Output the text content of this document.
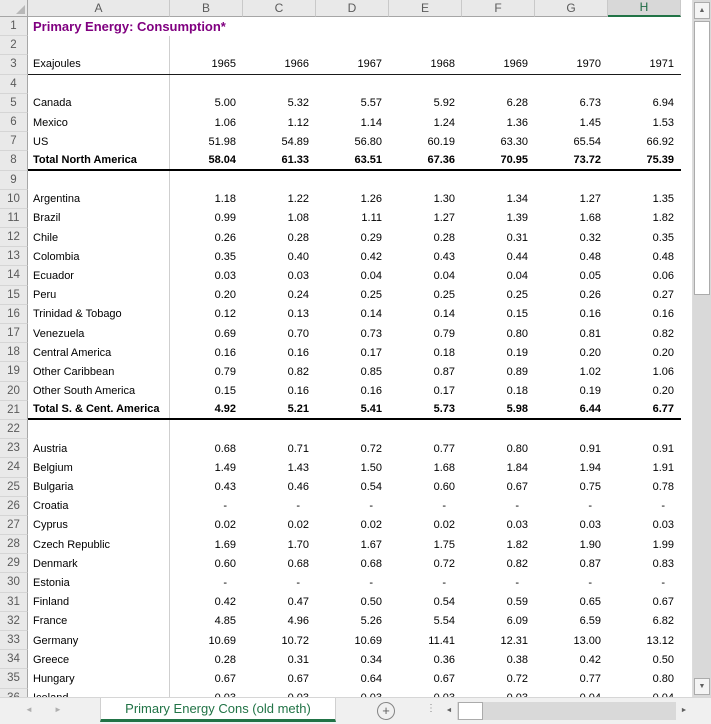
A	B	C	D	E	F	G	H
1	Primary Energy: Consumption*
2
3	Exajoules	1965	1966	1967	1968	1969	1970	1971
4
5	Canada	5.00	5.32	5.57	5.92	6.28	6.73	6.94
6	Mexico	1.06	1.12	1.14	1.24	1.36	1.45	1.53
7	US	51.98	54.89	56.80	60.19	63.30	65.54	66.92
8	Total North America	58.04	61.33	63.51	67.36	70.95	73.72	75.39
9
10	Argentina	1.18	1.22	1.26	1.30	1.34	1.27	1.35
11	Brazil	0.99	1.08	1.11	1.27	1.39	1.68	1.82
12	Chile	0.26	0.28	0.29	0.28	0.31	0.32	0.35
13	Colombia	0.35	0.40	0.42	0.43	0.44	0.48	0.48
14	Ecuador	0.03	0.03	0.04	0.04	0.04	0.05	0.06
15	Peru	0.20	0.24	0.25	0.25	0.25	0.26	0.27
16	Trinidad & Tobago	0.12	0.13	0.14	0.14	0.15	0.16	0.16
17	Venezuela	0.69	0.70	0.73	0.79	0.80	0.81	0.82
18	Central America	0.16	0.16	0.17	0.18	0.19	0.20	0.20
19	Other Caribbean	0.79	0.82	0.85	0.87	0.89	1.02	1.06
20	Other South America	0.15	0.16	0.16	0.17	0.18	0.19	0.20
21	Total S. & Cent. America	4.92	5.21	5.41	5.73	5.98	6.44	6.77
22
23	Austria	0.68	0.71	0.72	0.77	0.80	0.91	0.91
24	Belgium	1.49	1.43	1.50	1.68	1.84	1.94	1.91
25	Bulgaria	0.43	0.46	0.54	0.60	0.67	0.75	0.78
26	Croatia	-	-	-	-	-	-	-
27	Cyprus	0.02	0.02	0.02	0.02	0.03	0.03	0.03
28	Czech Republic	1.69	1.70	1.67	1.75	1.82	1.90	1.99
29	Denmark	0.60	0.68	0.68	0.72	0.82	0.87	0.83
30	Estonia	-	-	-	-	-	-	-
31	Finland	0.42	0.47	0.50	0.54	0.59	0.65	0.67
32	France	4.85	4.96	5.26	5.54	6.09	6.59	6.82
33	Germany	10.69	10.72	10.69	11.41	12.31	13.00	13.12
34	Greece	0.28	0.31	0.34	0.36	0.38	0.42	0.50
35	Hungary	0.67	0.67	0.64	0.67	0.72	0.77	0.80
▲
▼
◄	►	Primary Energy Cons (old meth)	+	⋮	◄	►
